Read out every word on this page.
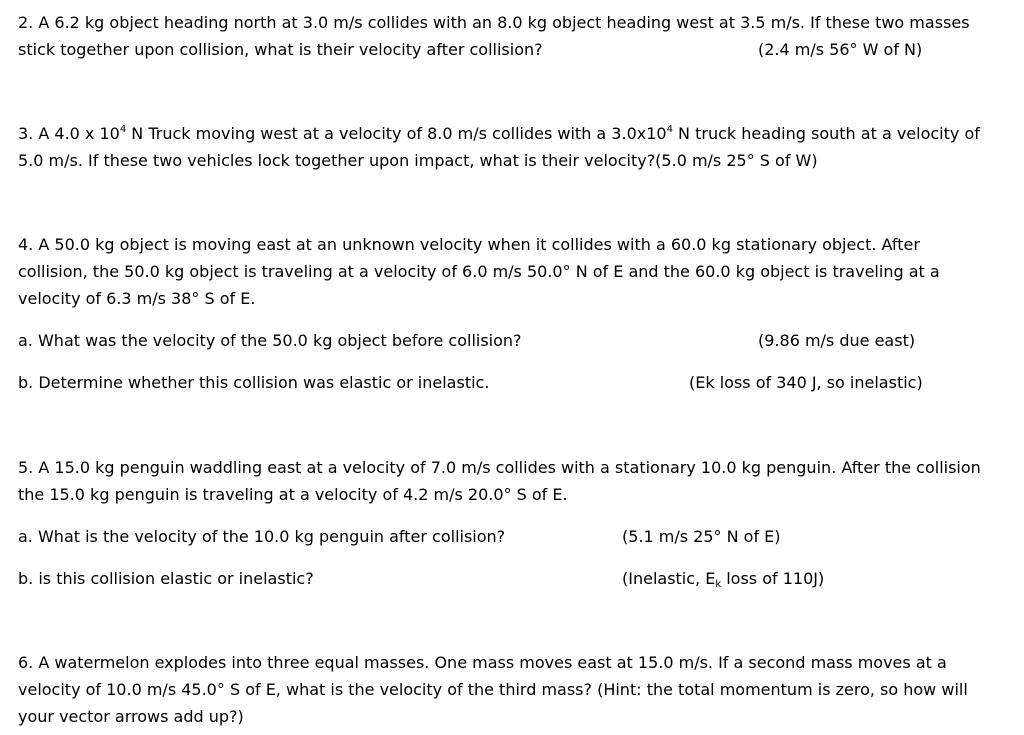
2. A 6.2 kg object heading north at 3.0 m/s collides with an 8.0 kg object heading west at 3.5 m/s. If these two masses
stick together upon collision, what is their velocity after collision?	(2.4 m/s 56° W of N)
3. A 4.0 x $10^4$ N Truck moving west at a velocity of 8.0 m/s collides with a $3.0x10^4$ N truck heading south at a velocity of
5.0 m/s. If these two vehicles lock together upon impact, what is their velocity?(5.0 m/s 25° S of W)
4. A 50.0 kg object is moving east at an unknown velocity when it collides with a 60.0 kg stationary object. After
collision, the 50.0 kg object is traveling at a velocity of 6.0 m/s 50.0° N of E and the 60.0 kg object is traveling at a
velocity of 6.3 m/s 38° S of E.
a. What was the velocity of the 50.0 kg object before collision?	(9.86 m/s due east)
b. Determine whether this collision was elastic or inelastic.	(Ek loss of 340 J, so inelastic)
5. A 15.0 kg penguin waddling east at a velocity of 7.0 m/s collides with a stationary 10.0 kg penguin. After the collision
the 15.0 kg penguin is traveling at a velocity of 4.2 m/s 20.0° S of E.
a. What is the velocity of the 10.0 kg penguin after collision?	(5.1 m/s 25° N of E)
b. is this collision elastic or inelastic?	(Inelastic, $E_k$ loss of 110J)
6. A watermelon explodes into three equal masses. One mass moves east at 15.0 m/s. If a second mass moves at a
velocity of 10.0 m/s 45.0° S of E, what is the velocity of the third mass? (Hint: the total momentum is zero, so how will
your vector arrows add up?)
